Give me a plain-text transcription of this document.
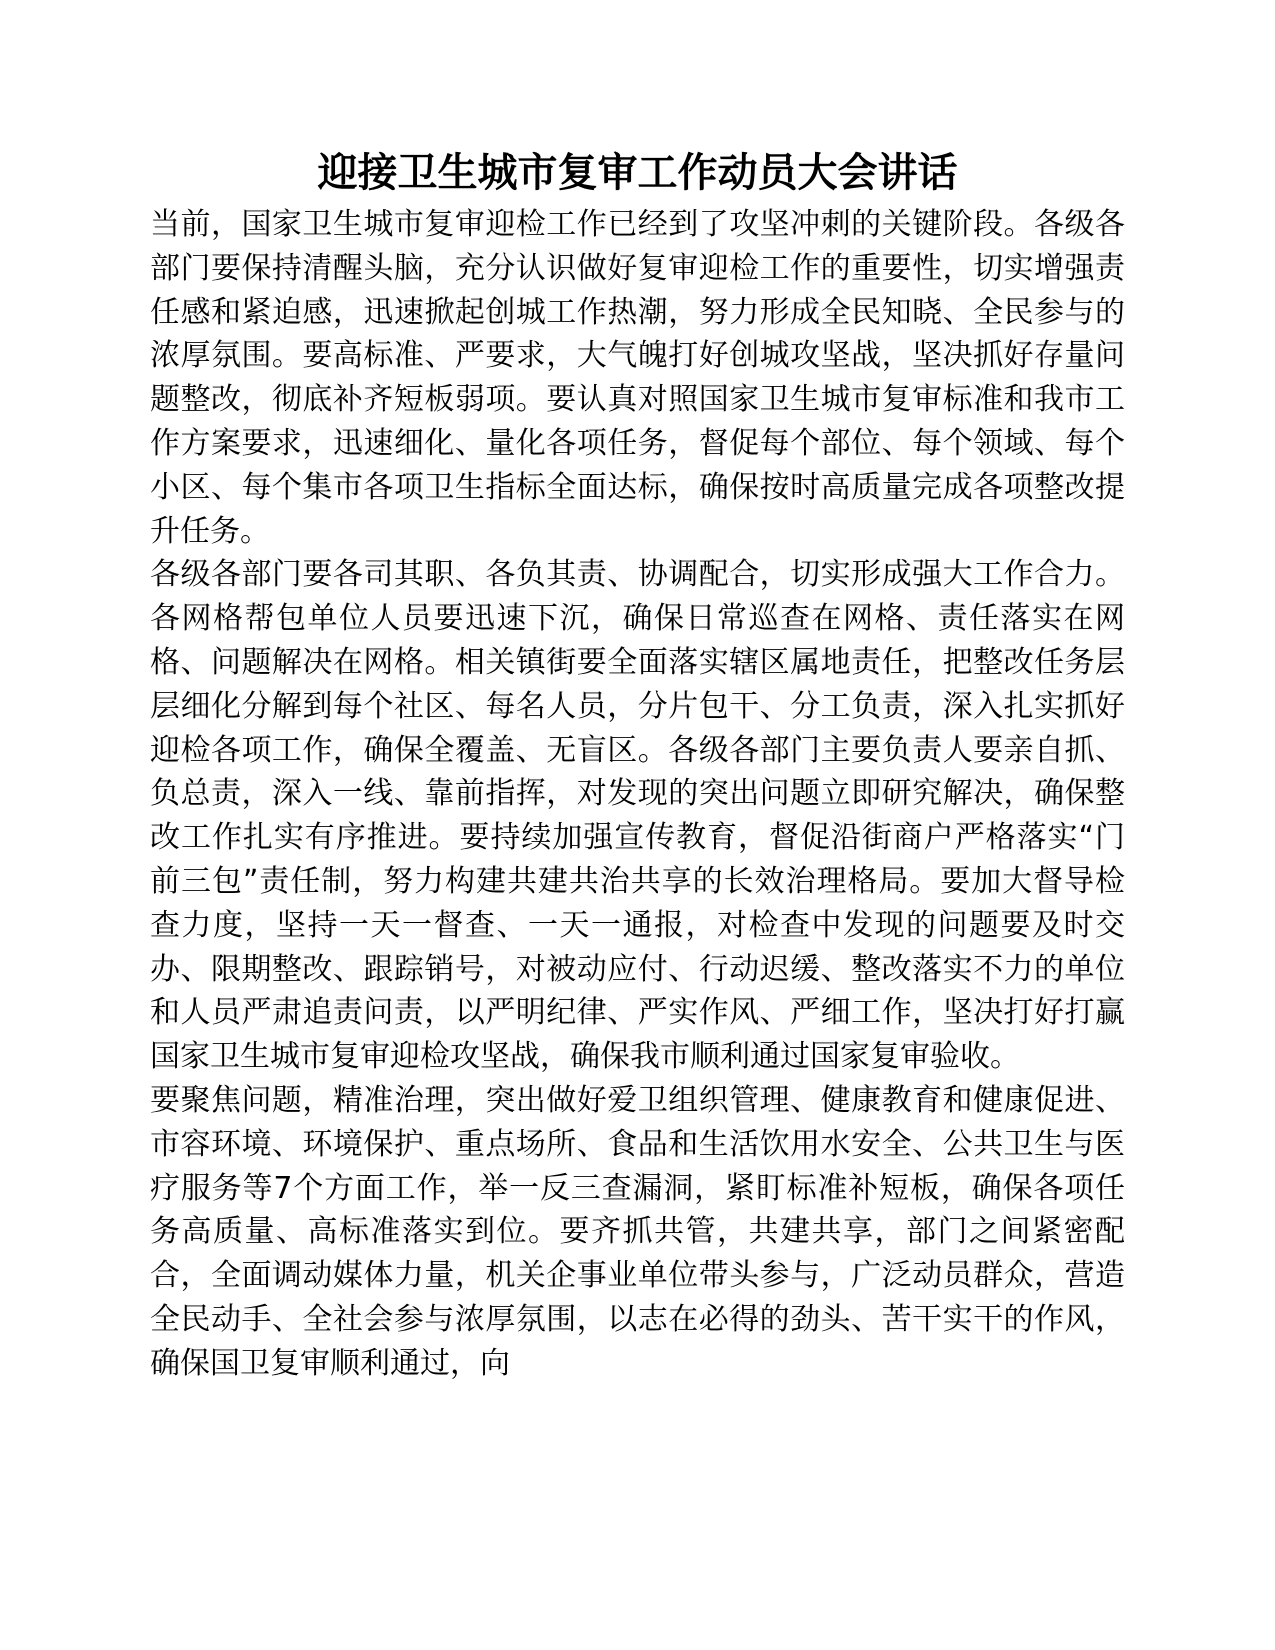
迎接卫生城市复审工作动员大会讲话

当前，国家卫生城市复审迎检工作已经到了攻坚冲刺的关键阶段。各级各部门要保持清醒头脑，充分认识做好复审迎检工作的重要性，切实增强责任感和紧迫感，迅速掀起创城工作热潮，努力形成全民知晓、全民参与的浓厚氛围。要高标准、严要求，大气魄打好创城攻坚战，坚决抓好存量问题整改，彻底补齐短板弱项。要认真对照国家卫生城市复审标准和我市工作方案要求，迅速细化、量化各项任务，督促每个部位、每个领域、每个小区、每个集市各项卫生指标全面达标，确保按时高质量完成各项整改提升任务。

各级各部门要各司其职、各负其责、协调配合，切实形成强大工作合力。各网格帮包单位人员要迅速下沉，确保日常巡查在网格、责任落实在网格、问题解决在网格。相关镇街要全面落实辖区属地责任，把整改任务层层细化分解到每个社区、每名人员，分片包干、分工负责，深入扎实抓好迎检各项工作，确保全覆盖、无盲区。各级各部门主要负责人要亲自抓、负总责，深入一线、靠前指挥，对发现的突出问题立即研究解决，确保整改工作扎实有序推进。要持续加强宣传教育，督促沿街商户严格落实“门前三包”责任制，努力构建共建共治共享的长效治理格局。要加大督导检查力度，坚持一天一督查、一天一通报，对检查中发现的问题要及时交办、限期整改、跟踪销号，对被动应付、行动迟缓、整改落实不力的单位和人员严肃追责问责，以严明纪律、严实作风、严细工作，坚决打好打赢国家卫生城市复审迎检攻坚战，确保我市顺利通过国家复审验收。

要聚焦问题，精准治理，突出做好爱卫组织管理、健康教育和健康促进、市容环境、环境保护、重点场所、食品和生活饮用水安全、公共卫生与医疗服务等7个方面工作，举一反三查漏洞，紧盯标准补短板，确保各项任务高质量、高标准落实到位。要齐抓共管，共建共享，部门之间紧密配合，全面调动媒体力量，机关企事业单位带头参与，广泛动员群众，营造全民动手、全社会参与浓厚氛围，以志在必得的劲头、苦干实干的作风，确保国卫复审顺利通过，向
